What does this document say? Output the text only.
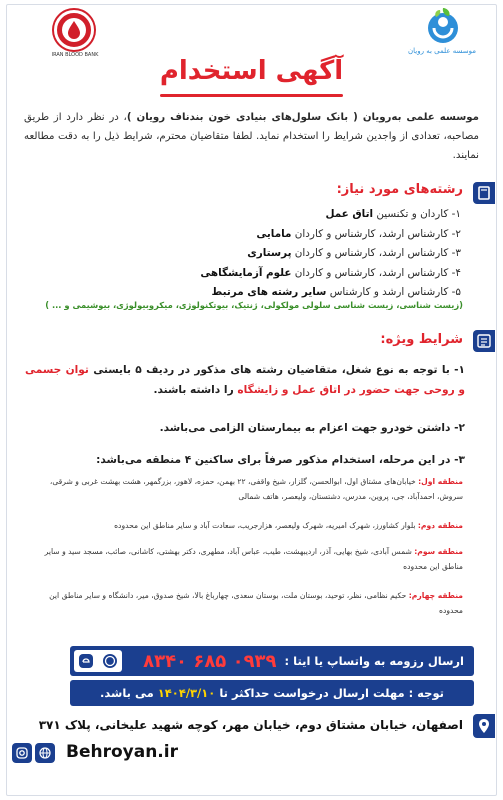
IRAN BLOOD BANK	موسسه علمی به رویان
آگهی استخدام
موسسه علمی به‌رویان ( بانک سلول‌های بنیادی خون بندناف رویان )، در نظر دارد از طریق مصاحبه، تعدادی از واجدین شرایط را استخدام نماید. لطفا متقاضیان محترم، شرایط ذیل را به دقت مطالعه نمایند.
رشته‌های مورد نیاز:
۱- کاردان و تکنسین اتاق عمل
۲- کارشناس ارشد، کارشناس و کاردان مامایی
۳- کارشناس ارشد، کارشناس و کاردان پرستاری
۴- کارشناس ارشد، کارشناس و کاردان علوم آزمایشگاهی
۵- کارشناس ارشد و کارشناس سایر رشته های مرتبط
(زیست شناسی، زیست شناسی سلولی مولکولی، ژنتیک، بیوتکنولوژی، میکروبیولوژی، بیوشیمی و ... )
شرایط ویژه:
۱- با توجه به نوع شغل، متقاضیان رشته های مذکور در ردیف ۵ بایستی توان جسمی و روحی جهت حضور در اتاق عمل و زایشگاه را داشته باشند.
۲- داشتن خودرو جهت اعزام به بیمارستان الزامی می‌باشد.
۳- در این مرحله، استخدام مذکور صرفاً برای ساکنین ۴ منطقه می‌باشد:
منطقه اول: خیابان‌های مشتاق اول، ابوالحسن، گلزار، شیخ واقفی، ۲۲ بهمن، حمزه، لاهور، بزرگمهر، هشت بهشت غربی و شرقی، سروش، احمدآباد، جی، پروین، مدرس، دشتستان، ولیعصر، هاتف شمالی
منطقه دوم: بلوار کشاورز، شهرک امیریه، شهرک ولیعصر، هزارجریب، سعادت آباد و سایر مناطق این محدوده
منطقه سوم: شمس آبادی، شیخ بهایی، آذر، اردیبهشت، طیب، عباس آباد، مطهری، دکتر بهشتی، کاشانی، صائب، مسجد سید و سایر مناطق این محدوده
منطقه چهارم: حکیم نظامی، نظر، توحید، بوستان ملت، بوستان سعدی، چهارباغ بالا، شیخ صدوق، میر، دانشگاه و سایر مناطق این محدوده
ارسال رزومه به واتساپ یا ایتا :
۰۹۳۹ ۶۸۵ ۸۳۴۰
توجه : مهلت ارسال درخواست حداکثر تا

۱۴۰۴/۳/۱۰

می باشد.
اصفهان، خیابان مشتاق دوم، خیابان مهر، کوچه شهید علیخانی، پلاک ۳۷۱
Behroyan.ir
